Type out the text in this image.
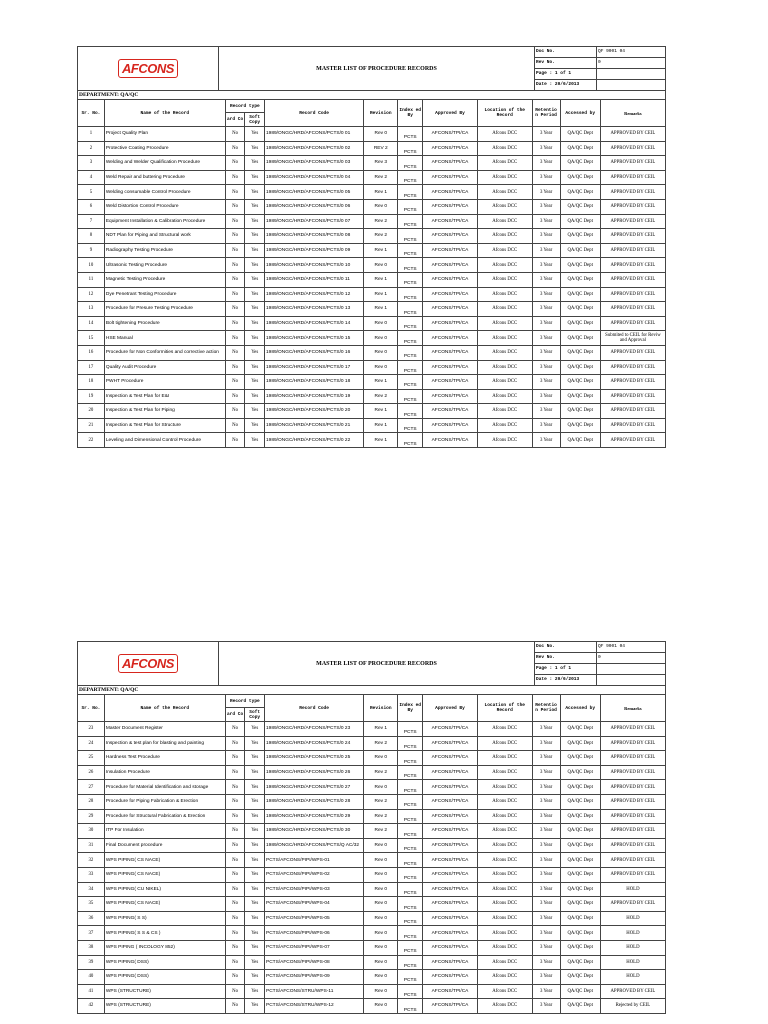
AFCONS	MASTER LIST OF PROCEDURE RECORDS	
Doc No.	QF 9001 04
Rev No.	0
Page : 1 of 1
Date : 20/6/2013
DEPARTMENT: QA/QC
Sr. No.	Name of the Record	Record type		Record Code	Revision	Index ed By	Approved By	Location of the Record	Retentio n Period	Accessed by	Remarks
		ard Co	Soft Copy								
1	Project Quality Plan	No	Yes	1989/ONGC/HRD/AFCONS/PCTS/0 01	Rev 0	PCTS	AFCONS/TPI/CA	Afcons DCC	3 Year	QA/QC Dept	APPROVED BY CEIL
2	Protective Coating Procedure	No	Yes	1989/ONGC/HRD/AFCONS/PCTS/0 02	REV 2	PCTS	AFCONS/TPI/CA	Afcons DCC	3 Year	QA/QC Dept	APPROVED BY CEIL
3	Welding and Welder Qualification Procedure	No	Yes	1989/ONGC/HRD/AFCONS/PCTS/0 03	Rev 3	PCTS	AFCONS/TPI/CA	Afcons DCC	3 Year	QA/QC Dept	APPROVED BY CEIL
4	Weld Repair and buttering Procedure	No	Yes	1989/ONGC/HRD/AFCONS/PCTS/0 04	Rev 2	PCTS	AFCONS/TPI/CA	Afcons DCC	3 Year	QA/QC Dept	APPROVED BY CEIL
5	Welding consumable Control Procedure	No	Yes	1989/ONGC/HRD/AFCONS/PCTS/0 05	Rev 1	PCTS	AFCONS/TPI/CA	Afcons DCC	3 Year	QA/QC Dept	APPROVED BY CEIL
6	Weld Distortion Control Procedure	No	Yes	1989/ONGC/HRD/AFCONS/PCTS/0 06	Rev 0	PCTS	AFCONS/TPI/CA	Afcons DCC	3 Year	QA/QC Dept	APPROVED BY CEIL
7	Equipment Installation & Calibration Procedure	No	Yes	1989/ONGC/HRD/AFCONS/PCTS/0 07	Rev 2	PCTS	AFCONS/TPI/CA	Afcons DCC	3 Year	QA/QC Dept	APPROVED BY CEIL
8	NDT Plan for Piping and Structural work	No	Yes	1989/ONGC/HRD/AFCONS/PCTS/0 08	Rev 2	PCTS	AFCONS/TPI/CA	Afcons DCC	3 Year	QA/QC Dept	APPROVED BY CEIL
9	Radiography Testing Procedure	No	Yes	1989/ONGC/HRD/AFCONS/PCTS/0 09	Rev 1	PCTS	AFCONS/TPI/CA	Afcons DCC	3 Year	QA/QC Dept	APPROVED BY CEIL
10	Ultrasonic Testing Procedure	No	Yes	1989/ONGC/HRD/AFCONS/PCTS/0 10	Rev 0	PCTS	AFCONS/TPI/CA	Afcons DCC	3 Year	QA/QC Dept	APPROVED BY CEIL
11	Magnetic Testing Procedure	No	Yes	1989/ONGC/HRD/AFCONS/PCTS/0 11	Rev 1	PCTS	AFCONS/TPI/CA	Afcons DCC	3 Year	QA/QC Dept	APPROVED BY CEIL
12	Dye Penetrant Testing Procedure	No	Yes	1989/ONGC/HRD/AFCONS/PCTS/0 12	Rev 1	PCTS	AFCONS/TPI/CA	Afcons DCC	3 Year	QA/QC Dept	APPROVED BY CEIL
13	Procedure for Presure Testing Procedure	No	Yes	1989/ONGC/HRD/AFCONS/PCTS/0 13	Rev 1	PCTS	AFCONS/TPI/CA	Afcons DCC	3 Year	QA/QC Dept	APPROVED BY CEIL
14	Bolt tightening Procedure	No	Yes	1989/ONGC/HRD/AFCONS/PCTS/0 14	Rev 0	PCTS	AFCONS/TPI/CA	Afcons DCC	3 Year	QA/QC Dept	APPROVED BY CEIL
15	HSE Manual	No	Yes	1989/ONGC/HRD/AFCONS/PCTS/0 15	Rev 0	PCTS	AFCONS/TPI/CA	Afcons DCC	3 Year	QA/QC Dept	Submited to CEIL for Reviw and Approval
16	Procedure for Non Conformities and corrective action	No	Yes	1989/ONGC/HRD/AFCONS/PCTS/0 16	Rev 0	PCTS	AFCONS/TPI/CA	Afcons DCC	3 Year	QA/QC Dept	APPROVED BY CEIL
17	Quality Audit Procedure	No	Yes	1989/ONGC/HRD/AFCONS/PCTS/0 17	Rev 0	PCTS	AFCONS/TPI/CA	Afcons DCC	3 Year	QA/QC Dept	APPROVED BY CEIL
18	PWHT Procedure	No	Yes	1989/ONGC/HRD/AFCONS/PCTS/0 18	Rev 1	PCTS	AFCONS/TPI/CA	Afcons DCC	3 Year	QA/QC Dept	APPROVED BY CEIL
19	Inspection & Test Plan for E&I	No	Yes	1989/ONGC/HRD/AFCONS/PCTS/0 19	Rev 2	PCTS	AFCONS/TPI/CA	Afcons DCC	3 Year	QA/QC Dept	APPROVED BY CEIL
20	Inspection & Test Plan for Piping	No	Yes	1989/ONGC/HRD/AFCONS/PCTS/0 20	Rev 1	PCTS	AFCONS/TPI/CA	Afcons DCC	3 Year	QA/QC Dept	APPROVED BY CEIL
21	Inspection & Test Plan for Structure	No	Yes	1989/ONGC/HRD/AFCONS/PCTS/0 21	Rev 1	PCTS	AFCONS/TPI/CA	Afcons DCC	3 Year	QA/QC Dept	APPROVED BY CEIL
22	Leveling and Dimensional Control Procedure	No	Yes	1989/ONGC/HRD/AFCONS/PCTS/0 22	Rev 1	PCTS	AFCONS/TPI/CA	Afcons DCC	3 Year	QA/QC Dept	APPROVED BY CEIL
AFCONS	MASTER LIST OF PROCEDURE RECORDS	
Doc No.	QF 9001 04
Rev No.	0
Page : 1 of 1
Date : 20/6/2013
DEPARTMENT: QA/QC
Sr. No.	Name of the Record	Record type		Record Code	Revision	Index ed By	Approved By	Location of the Record	Retentio n Period	Accessed by	Remarks
		ard Co	Soft Copy								
23	Master Document Register	No	Yes	1989/ONGC/HRD/AFCONS/PCTS/0 23	Rev 1	PCTS	AFCONS/TPI/CA	Afcons DCC	3 Year	QA/QC Dept	APPROVED BY CEIL
24	Inspection & test plan for blasting and painting	No	Yes	1989/ONGC/HRD/AFCONS/PCTS/0 24	Rev 2	PCTS	AFCONS/TPI/CA	Afcons DCC	3 Year	QA/QC Dept	APPROVED BY CEIL
25	Hardness Test Procedure	No	Yes	1989/ONGC/HRD/AFCONS/PCTS/0 25	Rev 0	PCTS	AFCONS/TPI/CA	Afcons DCC	3 Year	QA/QC Dept	APPROVED BY CEIL
26	Insulation Procedure	No	Yes	1989/ONGC/HRD/AFCONS/PCTS/0 26	Rev 2	PCTS	AFCONS/TPI/CA	Afcons DCC	3 Year	QA/QC Dept	APPROVED BY CEIL
27	Procedure for Material Identification and storage	No	Yes	1989/ONGC/HRD/AFCONS/PCTS/0 27	Rev 0	PCTS	AFCONS/TPI/CA	Afcons DCC	3 Year	QA/QC Dept	APPROVED BY CEIL
28	Procedure for Piping Fabrication & Erection	No	Yes	1989/ONGC/HRD/AFCONS/PCTS/0 28	Rev 2	PCTS	AFCONS/TPI/CA	Afcons DCC	3 Year	QA/QC Dept	APPROVED BY CEIL
29	Procedure for Structural Fabrication & Erection	No	Yes	1989/ONGC/HRD/AFCONS/PCTS/0 29	Rev 2	PCTS	AFCONS/TPI/CA	Afcons DCC	3 Year	QA/QC Dept	APPROVED BY CEIL
30	ITP For Insulation	No	Yes	1989/ONGC/HRD/AFCONS/PCTS/0 30	Rev 2	PCTS	AFCONS/TPI/CA	Afcons DCC	3 Year	QA/QC Dept	APPROVED BY CEIL
31	Final Document procedure	No	Yes	1989/ONGC/HRD/AFCONS/PCTS/Q AC/32	Rev 0	PCTS	AFCONS/TPI/CA	Afcons DCC	3 Year	QA/QC Dept	APPROVED BY CEIL
32	WPS PIPING( CS NACE)	No	Yes	PCTS/AFCONS/PIPI/WPS-01	Rev 0	PCTS	AFCONS/TPI/CA	Afcons DCC	3 Year	QA/QC Dept	APPROVED BY CEIL
33	WPS PIPING( CS NACE)	No	Yes	PCTS/AFCONS/PIPI/WPS-02	Rev 0	PCTS	AFCONS/TPI/CA	Afcons DCC	3 Year	QA/QC Dept	APPROVED BY CEIL
34	WPS PIPING( CU NIKEL)	No	Yes	PCTS/AFCONS/PIPI/WPS-03	Rev 0	PCTS	AFCONS/TPI/CA	Afcons DCC	3 Year	QA/QC Dept	HOLD
35	WPS PIPING( CS NACE)	No	Yes	PCTS/AFCONS/PIPI/WPS-04	Rev 0	PCTS	AFCONS/TPI/CA	Afcons DCC	3 Year	QA/QC Dept	APPROVED BY CEIL
36	WPS PIPING( S S)	No	Yes	PCTS/AFCONS/PIPI/WPS-05	Rev 0	PCTS	AFCONS/TPI/CA	Afcons DCC	3 Year	QA/QC Dept	HOLD
37	WPS PIPING( S S & CS )	No	Yes	PCTS/AFCONS/PIPI/WPS-06	Rev 0	PCTS	AFCONS/TPI/CA	Afcons DCC	3 Year	QA/QC Dept	HOLD
38	WPS PIPING ( INCOLOGY 852)	No	Yes	PCTS/AFCONS/PIPI/WPS-07	Rev 0	PCTS	AFCONS/TPI/CA	Afcons DCC	3 Year	QA/QC Dept	HOLD
39	WPS PIPING( DSS)	No	Yes	PCTS/AFCONS/PIPI/WPS-08	Rev 0	PCTS	AFCONS/TPI/CA	Afcons DCC	3 Year	QA/QC Dept	HOLD
40	WPS PIPING( DSS)	No	Yes	PCTS/AFCONS/PIPI/WPS-09	Rev 0	PCTS	AFCONS/TPI/CA	Afcons DCC	3 Year	QA/QC Dept	HOLD
41	WPS (STRUCTURE)	No	Yes	PCTS/AFCONS/STRU/WPS-11	Rev 0	PCTS	AFCONS/TPI/CA	Afcons DCC	3 Year	QA/QC Dept	APPROVED BY CEIL
42	WPS (STRUCTURE)	No	Yes	PCTS/AFCONS/STRU/WPS-12	Rev 0	PCTS	AFCONS/TPI/CA	Afcons DCC	3 Year	QA/QC Dept	Rejected by CEIL
